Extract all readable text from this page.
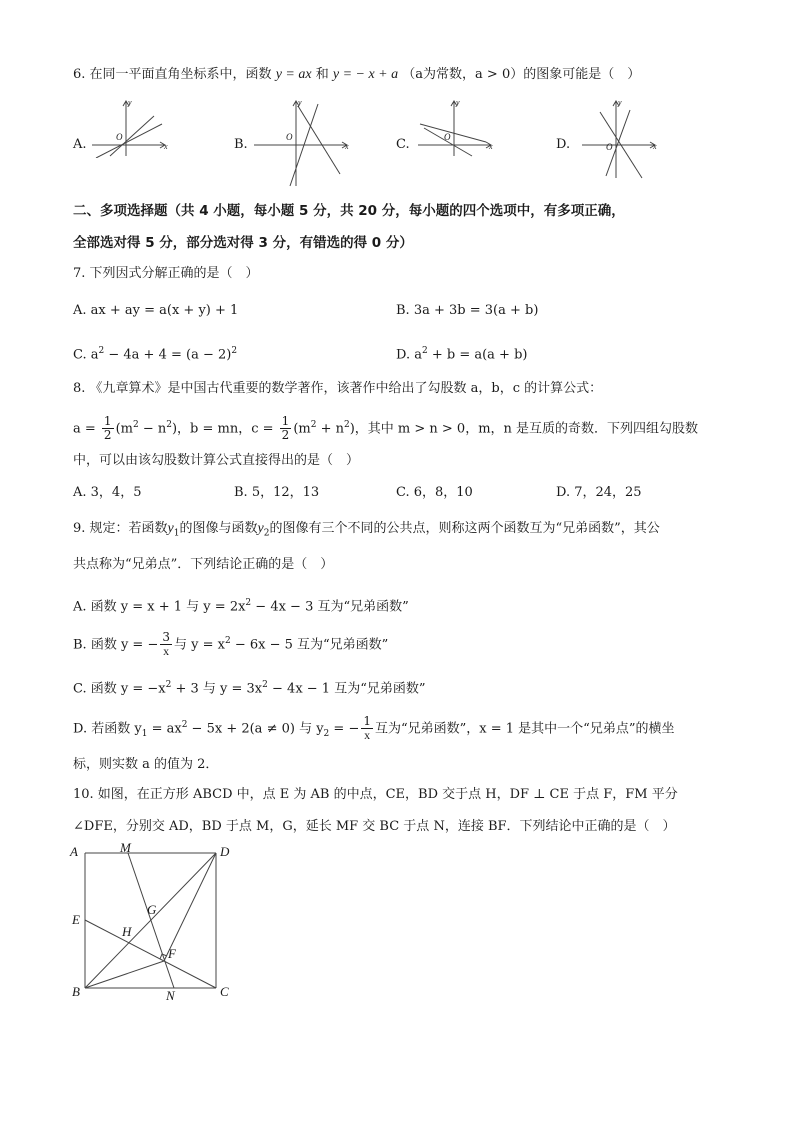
6. 在同一平面直角坐标系中，函数 y = ax 和 y = − x + a （a为常数，a > 0）的图象可能是（　）
A.	O
x
y
B.	O
x
y
C.	O
x
y
D.	O	x
y
二、多项选择题（共 4 小题，每小题 5 分，共 20 分，每小题的四个选项中，有多项正确，
全部选对得 5 分，部分选对得 3 分，有错选的得 0 分）
7. 下列因式分解正确的是（　）
A. ax + ay = a(x + y) + 1	B. 3a + 3b = 3(a + b)
C. $a^2 - 4a + 4 = (a - 2)^2$	D. $a^2 + b = a(a + b)$
8. 《九章算术》是中国古代重要的数学著作，该著作中给出了勾股数 a，b，c 的计算公式：
$a = \frac{1}{2} (m^2 - n^2)$，b = mn，$c = \frac{1}{2} (m^2 + n^2)$，其中 m > n > 0，m，n 是互质的奇数．下列四组勾股数
中，可以由该勾股数计算公式直接得出的是（　）
A. 3，4，5	B. 5，12，13	C. 6，8，10	D. 7，24，25
9. 规定：若函数$y_1$的图像与函数$y_2$的图像有三个不同的公共点，则称这两个函数互为“兄弟函数”，其公
共点称为“兄弟点”．下列结论正确的是（　）
A. 函数 y = x + 1 与 $y = 2x^2 - 4x - 3$ 互为“兄弟函数”
B. 函数 y = − $\frac{3}{x}$ 与 $y = x^2 - 6x - 5$ 互为“兄弟函数”
C. 函数 $y = -x^2 + 3$ 与 $y = 3x^2 - 4x - 1$ 互为“兄弟函数”
D. 若函数 $y_1 = ax^2 - 5x + 2(a \ne 0)$ 与 $y_2$ = − $\frac{1}{x}$ 互为“兄弟函数”，x = 1 是其中一个“兄弟点”的横坐
标，则实数 a 的值为 2．
10. 如图，在正方形 ABCD 中，点 E 为 AB 的中点，CE，BD 交于点 H，DF ⊥ CE 于点 F，FM 平分
∠DFE，分别交 AD，BD 于点 M，G，延长 MF 交 BC 于点 N，连接 BF．下列结论中正确的是（　）
A	M	D
G
E
H
F
B	N	C
